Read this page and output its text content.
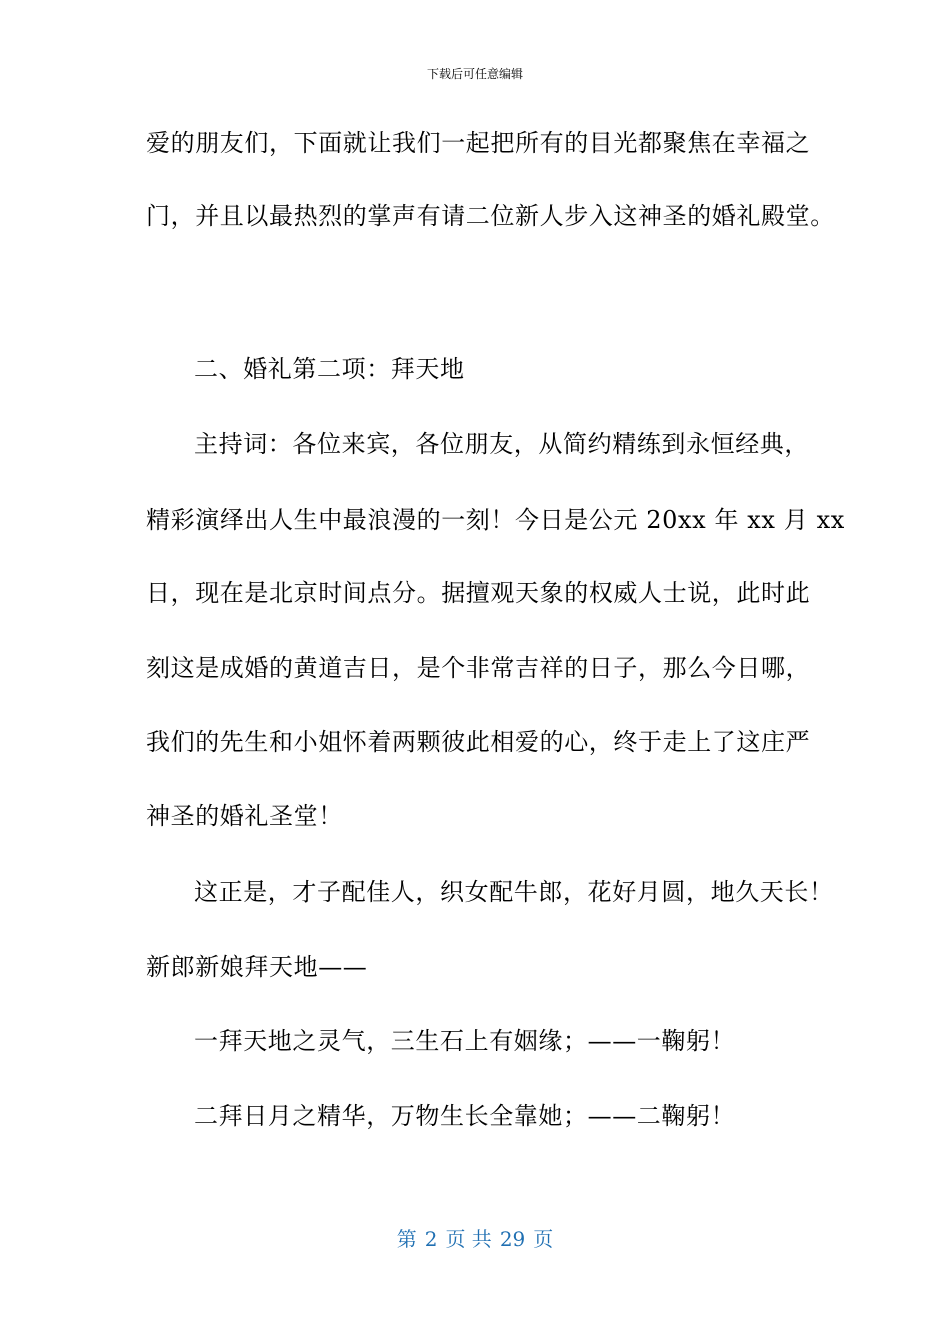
下载后可任意编辑
爱的朋友们，下面就让我们一起把所有的目光都聚焦在幸福之
门，并且以最热烈的掌声有请二位新人步入这神圣的婚礼殿堂。
二、婚礼第二项：拜天地
主持词：各位来宾，各位朋友，从简约精练到永恒经典，
精彩演绎出人生中最浪漫的一刻！今日是公元 20xx 年 xx 月 xx
日，现在是北京时间点分。据擅观天象的权威人士说，此时此
刻这是成婚的黄道吉日，是个非常吉祥的日子，那么今日哪，
我们的先生和小姐怀着两颗彼此相爱的心，终于走上了这庄严
神圣的婚礼圣堂！
这正是，才子配佳人，织女配牛郎，花好月圆，地久天长！
新郎新娘拜天地——
一拜天地之灵气，三生石上有姻缘；——一鞠躬！
二拜日月之精华，万物生长全靠她；——二鞠躬！
第 2 页 共 29 页
